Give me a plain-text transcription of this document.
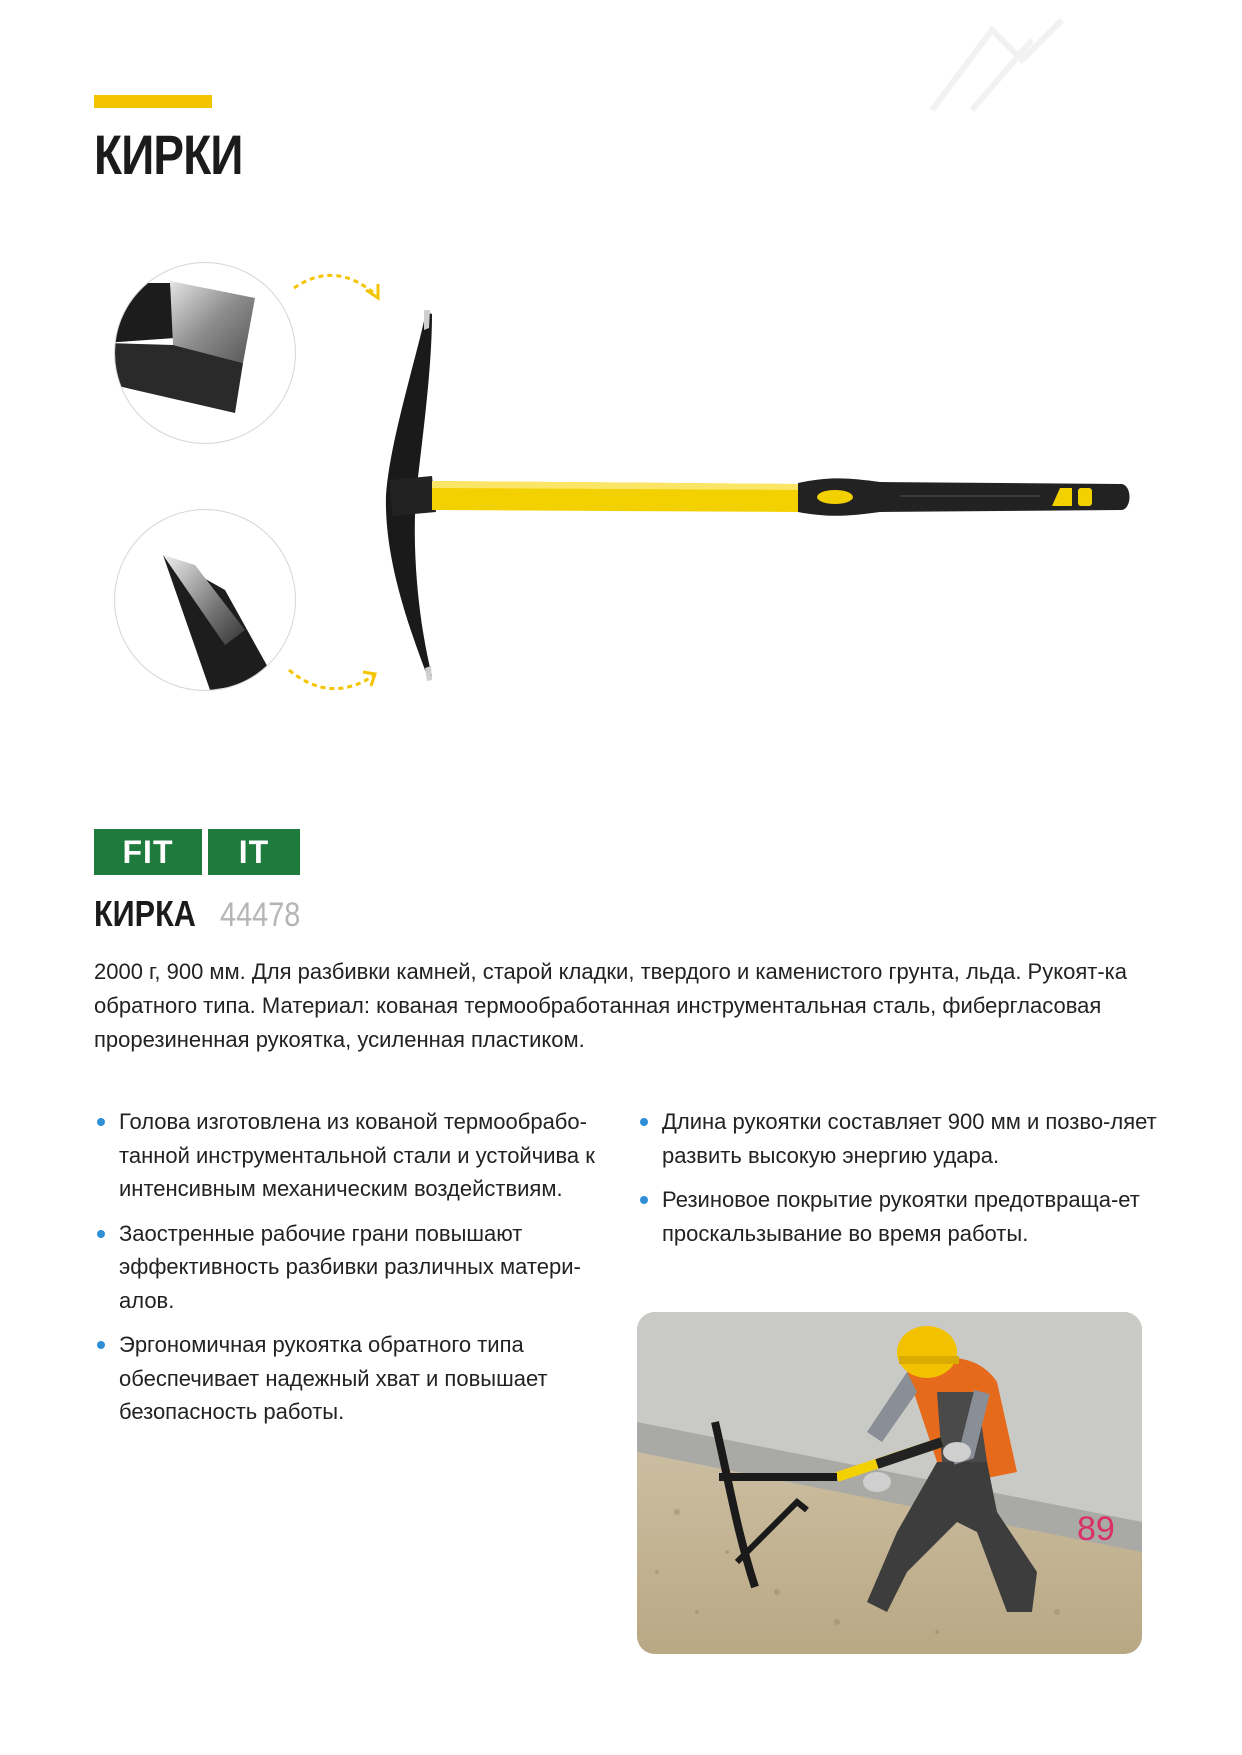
КИРКИ
FIT	IT
КИРКА 44478

2000 г, 900 мм. Для разбивки камней, старой кладки, твердого и каменистого грунта, льда. Рукоят-ка обратного типа. Материал: кованая термообработанная инструментальная сталь, фибергласовая прорезиненная рукоятка, усиленная пластиком.

Голова изготовлена из кованой термообрабо-танной инструментальной стали и устойчива к интенсивным механическим воздействиям.
Заостренные рабочие грани повышают эффективность разбивки различных матери-алов.
Эргономичная рукоятка обратного типа обеспечивает надежный хват и повышает безопасность работы.
Длина рукоятки составляет 900 мм и позво-ляет развить высокую энергию удара.
Резиновое покрытие рукоятки предотвраща-ет проскальзывание во время работы.
89
